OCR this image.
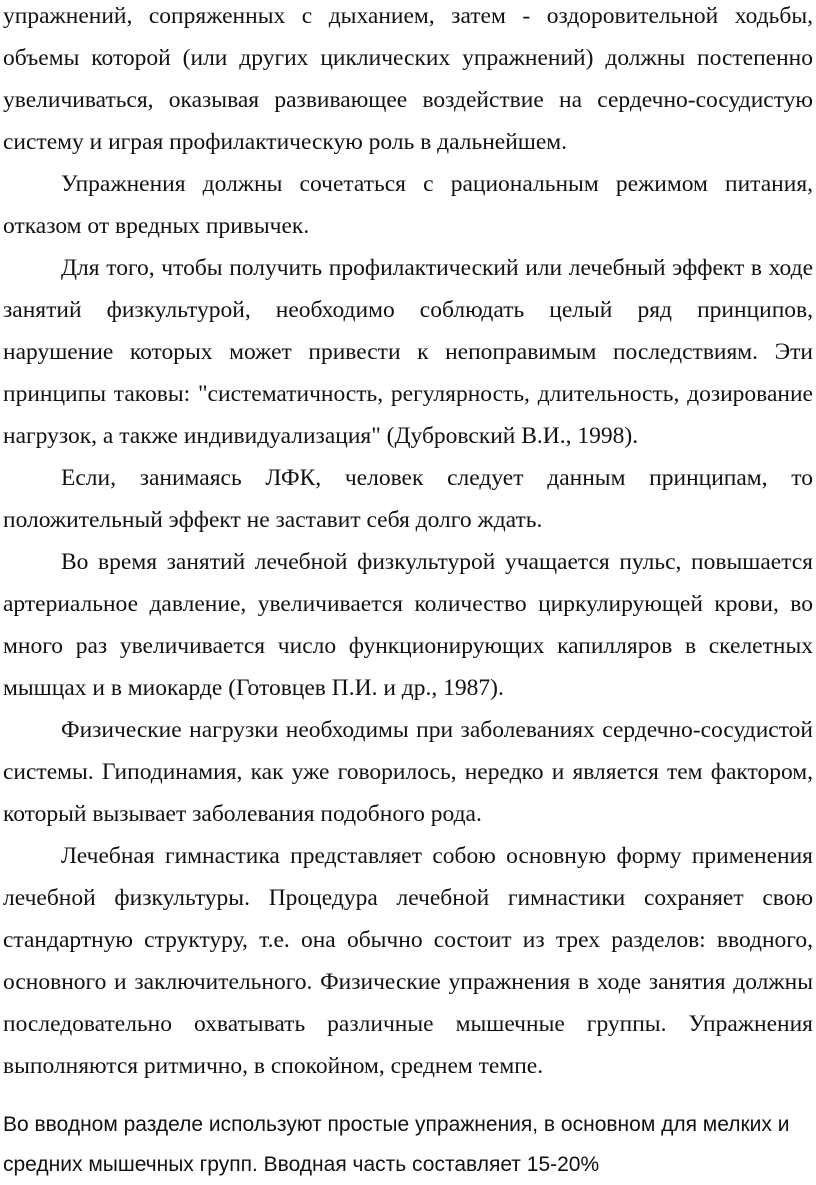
упражнений, сопряженных с дыханием, затем - оздоровительной ходьбы, объемы которой (или других циклических упражнений) должны постепенно увеличиваться, оказывая развивающее воздействие на сердечно-сосудистую систему и играя профилактическую роль в дальнейшем.

Упражнения должны сочетаться с рациональным режимом питания, отказом от вредных привычек.

Для того, чтобы получить профилактический или лечебный эффект в ходе занятий физкультурой, необходимо соблюдать целый ряд принципов, нарушение которых может привести к непоправимым последствиям. Эти принципы таковы: "систематичность, регулярность, длительность, дозирование нагрузок, а также индивидуализация" (Дубровский В.И., 1998).

Если, занимаясь ЛФК, человек следует данным принципам, то положительный эффект не заставит себя долго ждать.

Во время занятий лечебной физкультурой учащается пульс, повышается артериальное давление, увеличивается количество циркулирующей крови, во много раз увеличивается число функционирующих капилляров в скелетных мышцах и в миокарде (Готовцев П.И. и др., 1987).

Физические нагрузки необходимы при заболеваниях сердечно-сосудистой системы. Гиподинамия, как уже говорилось, нередко и является тем фактором, который вызывает заболевания подобного рода.

Лечебная гимнастика представляет собою основную форму применения лечебной физкультуры. Процедура лечебной гимнастики сохраняет свою стандартную структуру, т.е. она обычно состоит из трех разделов: вводного, основного и заключительного. Физические упражнения в ходе занятия должны последовательно охватывать различные мышечные группы. Упражнения выполняются ритмично, в спокойном, среднем темпе.

Во вводном разделе используют простые упражнения, в основном для мелких и средних мышечных групп. Вводная часть составляет 15-20%
